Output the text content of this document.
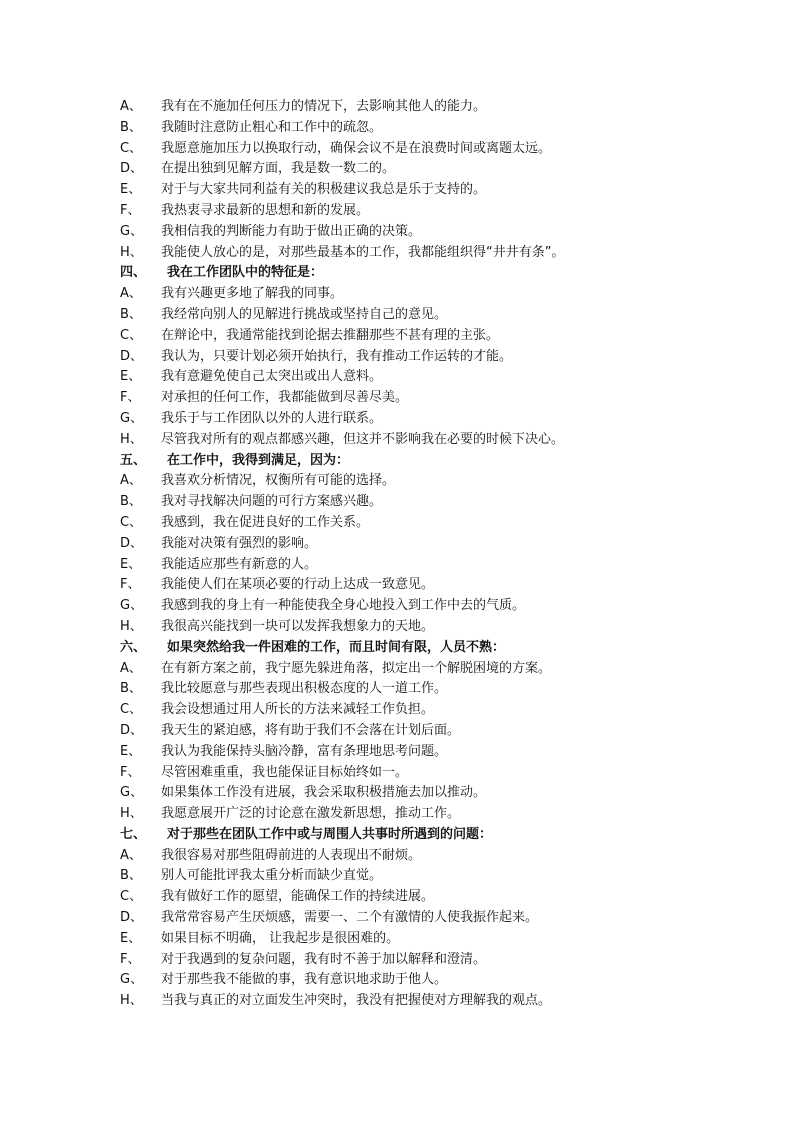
A、 我有在不施加任何压力的情况下，去影响其他人的能力。
B、 我随时注意防止粗心和工作中的疏忽。
C、 我愿意施加压力以换取行动，确保会议不是在浪费时间或离题太远。
D、 在提出独到见解方面，我是数一数二的。
E、 对于与大家共同利益有关的积极建议我总是乐于支持的。
F、 我热衷寻求最新的思想和新的发展。
G、 我相信我的判断能力有助于做出正确的决策。
H、 我能使人放心的是，对那些最基本的工作，我都能组织得“井井有条”。
四、 我在工作团队中的特征是：
A、 我有兴趣更多地了解我的同事。
B、 我经常向别人的见解进行挑战或坚持自己的意见。
C、 在辩论中，我通常能找到论据去推翻那些不甚有理的主张。
D、 我认为，只要计划必须开始执行，我有推动工作运转的才能。
E、 我有意避免使自己太突出或出人意料。
F、 对承担的任何工作，我都能做到尽善尽美。
G、 我乐于与工作团队以外的人进行联系。
H、 尽管我对所有的观点都感兴趣，但这并不影响我在必要的时候下决心。
五、 在工作中，我得到满足，因为：
A、 我喜欢分析情况，权衡所有可能的选择。
B、 我对寻找解决问题的可行方案感兴趣。
C、 我感到，我在促进良好的工作关系。
D、 我能对决策有强烈的影响。
E、 我能适应那些有新意的人。
F、 我能使人们在某项必要的行动上达成一致意见。
G、 我感到我的身上有一种能使我全身心地投入到工作中去的气质。
H、 我很高兴能找到一块可以发挥我想象力的天地。
六、 如果突然给我一件困难的工作，而且时间有限，人员不熟：
A、 在有新方案之前，我宁愿先躲进角落，拟定出一个解脱困境的方案。
B、 我比较愿意与那些表现出积极态度的人一道工作。
C、 我会设想通过用人所长的方法来减轻工作负担。
D、 我天生的紧迫感，将有助于我们不会落在计划后面。
E、 我认为我能保持头脑冷静，富有条理地思考问题。
F、 尽管困难重重，我也能保证目标始终如一。
G、 如果集体工作没有进展，我会采取积极措施去加以推动。
H、 我愿意展开广泛的讨论意在激发新思想，推动工作。
七、 对于那些在团队工作中或与周围人共事时所遇到的问题：
A、 我很容易对那些阻碍前进的人表现出不耐烦。
B、 别人可能批评我太重分析而缺少直觉。
C、 我有做好工作的愿望，能确保工作的持续进展。
D、 我常常容易产生厌烦感，需要一、二个有激情的人使我振作起来。
E、 如果目标不明确， 让我起步是很困难的。
F、 对于我遇到的复杂问题，我有时不善于加以解释和澄清。
G、 对于那些我不能做的事，我有意识地求助于他人。
H、 当我与真正的对立面发生冲突时，我没有把握使对方理解我的观点。
